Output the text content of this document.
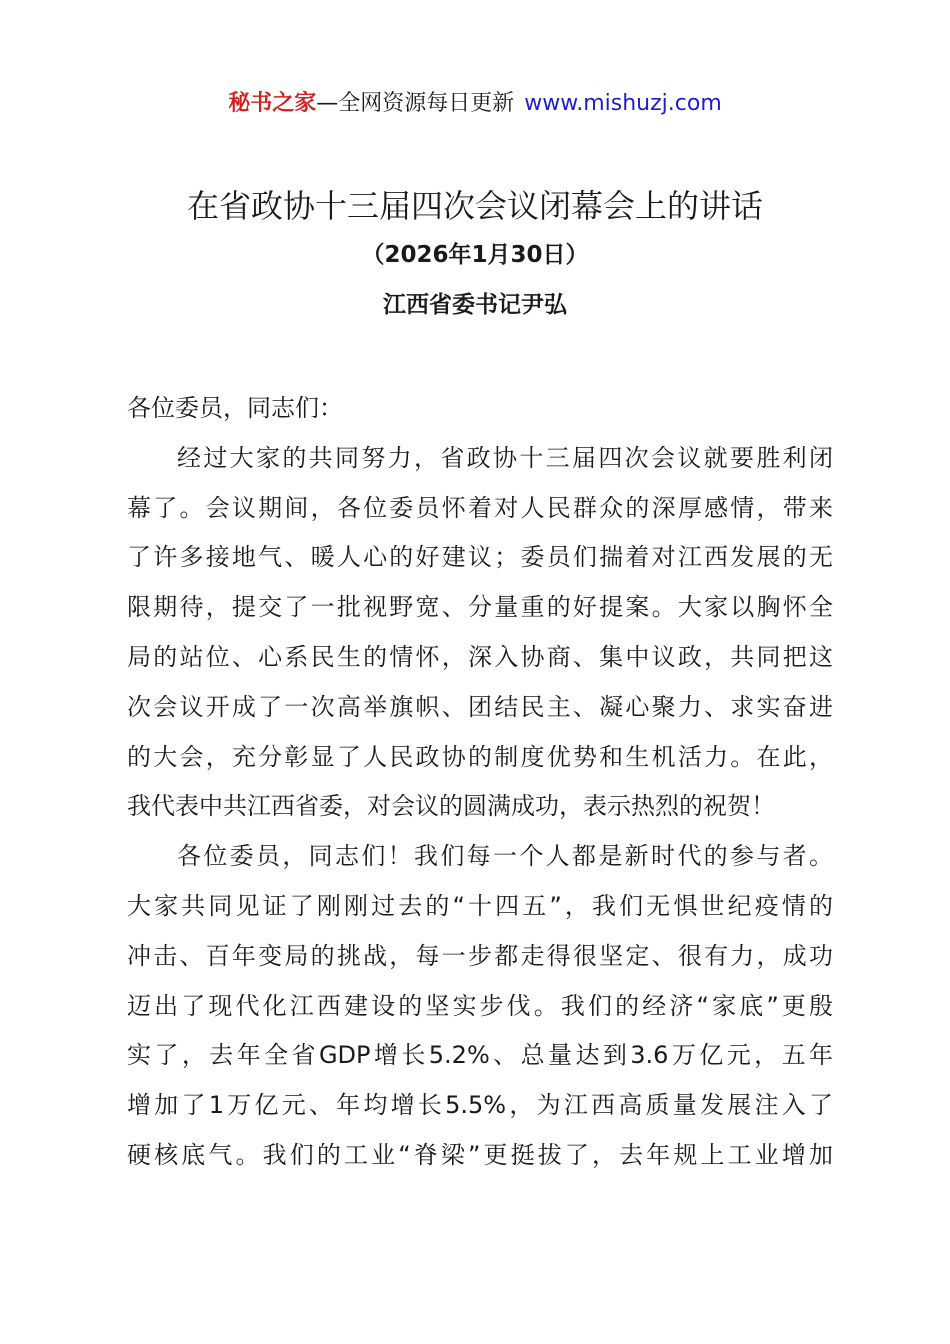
秘书之家—全网资源每日更新 www.mishuzj.com
在省政协十三届四次会议闭幕会上的讲话
（2026年1月30日）
江西省委书记尹弘
各位委员，同志们：
经过大家的共同努力，省政协十三届四次会议就要胜利闭
幕了。会议期间，各位委员怀着对人民群众的深厚感情，带来
了许多接地气、暖人心的好建议；委员们揣着对江西发展的无
限期待，提交了一批视野宽、分量重的好提案。大家以胸怀全
局的站位、心系民生的情怀，深入协商、集中议政，共同把这
次会议开成了一次高举旗帜、团结民主、凝心聚力、求实奋进
的大会，充分彰显了人民政协的制度优势和生机活力。在此，
我代表中共江西省委，对会议的圆满成功，表示热烈的祝贺！
各位委员，同志们！我们每一个人都是新时代的参与者。
大家共同见证了刚刚过去的“十四五”，我们无惧世纪疫情的
冲击、百年变局的挑战，每一步都走得很坚定、很有力，成功
迈出了现代化江西建设的坚实步伐。我们的经济“家底”更殷
实了，去年全省GDP增长5.2%、总量达到3.6万亿元，五年
增加了1万亿元、年均增长5.5%，为江西高质量发展注入了
硬核底气。我们的工业“脊梁”更挺拔了，去年规上工业增加
